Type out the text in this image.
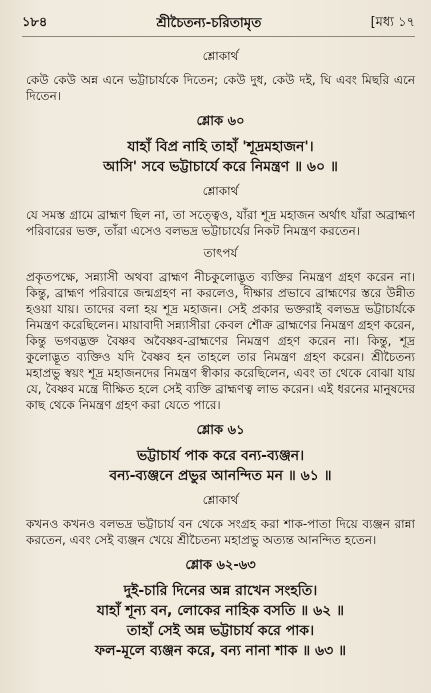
১৮৪	শ্রীচৈতন্য-চরিতামৃত	[মধ্য ১৭
শ্লোকার্থ
কেউ কেউ অন্ন এনে ভট্টাচার্যকে দিতেন; কেউ দুধ, কেউ দই, ঘি এবং মিছরি এনে দিতেন।
শ্লোক ৬০
যাহাঁ বিপ্র নাহি তাহাঁ 'শূদ্রমহাজন'।
আসি' সবে ভট্টাচার্যে করে নিমন্ত্রণ ॥ ৬০ ॥
শ্লোকার্থ
যে সমস্ত গ্রামে ব্রাহ্মণ ছিল না, তা সত্ত্বেও, যাঁরা শূদ্র মহাজন অর্থাৎ যাঁরা অব্রাহ্মণ পরিবারের ভক্ত, তাঁরা এসেও বলভদ্র ভট্টাচার্যের নিকট নিমন্ত্রণ করতেন।
তাৎপর্য
প্রকৃতপক্ষে, সন্ন্যাসী অথবা ব্রাহ্মণ নীচকুলোদ্ভূত ব্যক্তির নিমন্ত্রণ গ্রহণ করেন না। কিন্তু, ব্রাহ্মণ পরিবারে জন্মগ্রহণ না করলেও, দীক্ষার প্রভাবে ব্রাহ্মণের স্তরে উন্নীত হওয়া যায়। তাদের বলা হয় শূদ্র মহাজন। সেই প্রকার ভক্তরাই বলভদ্র ভট্টাচার্যকে নিমন্ত্রণ করেছিলেন। মায়াবাদী সন্ন্যাসীরা কেবল শৌক্র ব্রাহ্মণের নিমন্ত্রণ গ্রহণ করেন, কিন্তু ভগবদ্ভক্ত বৈষ্ণব অবৈষ্ণব-ব্রাহ্মণের নিমন্ত্রণ গ্রহণ করেন না। কিন্তু, শূদ্র কুলোদ্ভূত ব্যক্তিও যদি বৈষ্ণব হন তাহলে তার নিমন্ত্রণ গ্রহণ করেন। শ্রীচৈতন্য মহাপ্রভু স্বয়ং শূদ্র মহাজনদের নিমন্ত্রণ স্বীকার করেছিলেন, এবং তা থেকে বোঝা যায় যে, বৈষ্ণব মন্ত্রে দীক্ষিত হলে সেই ব্যক্তি ব্রাহ্মণত্ব লাভ করেন। এই ধরনের মানুষদের কাছ থেকে নিমন্ত্রণ গ্রহণ করা যেতে পারে।
শ্লোক ৬১
ভট্টাচার্য পাক করে বন্য-ব্যঞ্জন।
বন্য-ব্যঞ্জনে প্রভুর আনন্দিত মন ॥ ৬১ ॥
শ্লোকার্থ
কখনও কখনও বলভদ্র ভট্টাচার্য বন থেকে সংগ্রহ করা শাক-পাতা দিয়ে ব্যঞ্জন রান্না করতেন, এবং সেই ব্যঞ্জন খেয়ে শ্রীচৈতন্য মহাপ্রভু অত্যন্ত আনন্দিত হতেন।
শ্লোক ৬২-৬৩
দুই-চারি দিনের অন্ন রাখেন সংহতি।
যাহাঁ শূন্য বন, লোকের নাহিক বসতি ॥ ৬২ ॥
তাহাঁ সেই অন্ন ভট্টাচার্য করে পাক।
ফল-মূলে ব্যঞ্জন করে, বন্য নানা শাক ॥ ৬৩ ॥
